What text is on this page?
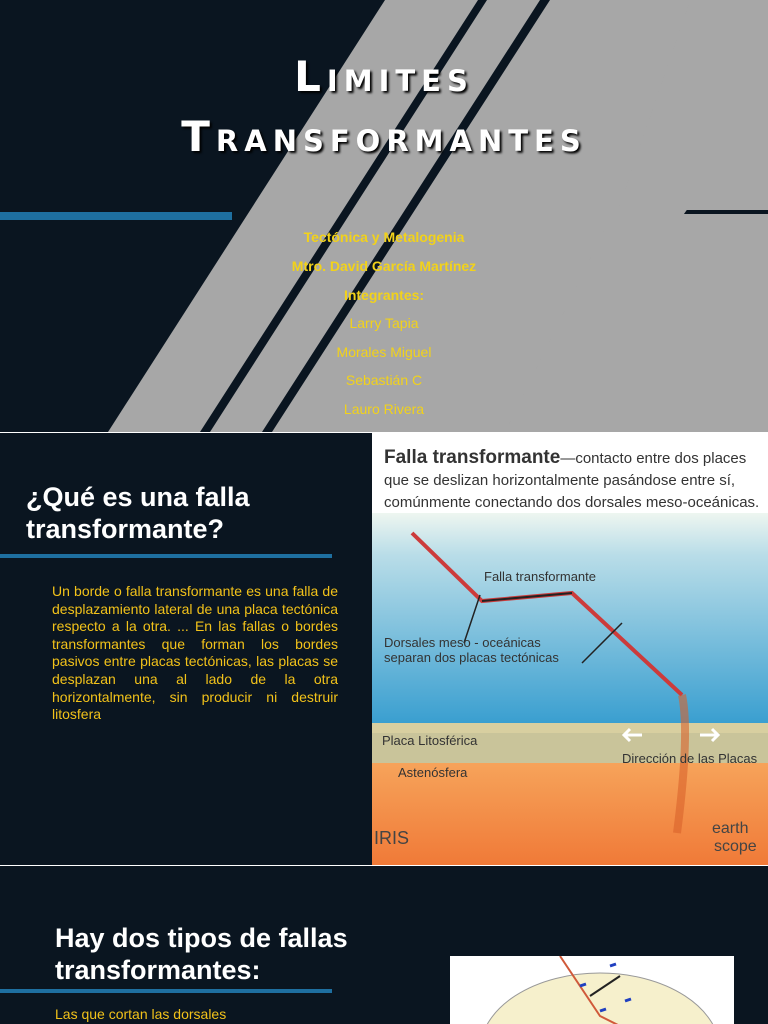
Limites
Transformantes
Tectónica y Metalogenia
Mtro. David García Martínez
Integrantes:
Larry Tapia
Morales Miguel
Sebastián C
Lauro Rivera
¿Qué es una falla transformante?
Un borde o falla transformante es una falla de desplazamiento lateral de una placa tectónica respecto a la otra. ... En las fallas o bordes transformantes que forman los bordes pasivos entre placas tectónicas, las placas se desplazan una al lado de la otra horizontalmente, sin producir ni destruir litosfera
Falla transformante—contacto entre dos places que se deslizan horizontalmente pasándose entre sí, comúnmente conectando dos dorsales meso-oceánicas.
Falla transformante
Dorsales meso - oceánicas separan dos placas tectónicas
Placa Litosférica
Dirección de las Placas
Astenósfera
IRIS	earth
scope
Hay dos tipos de fallas transformantes:
Las que cortan las dorsales
